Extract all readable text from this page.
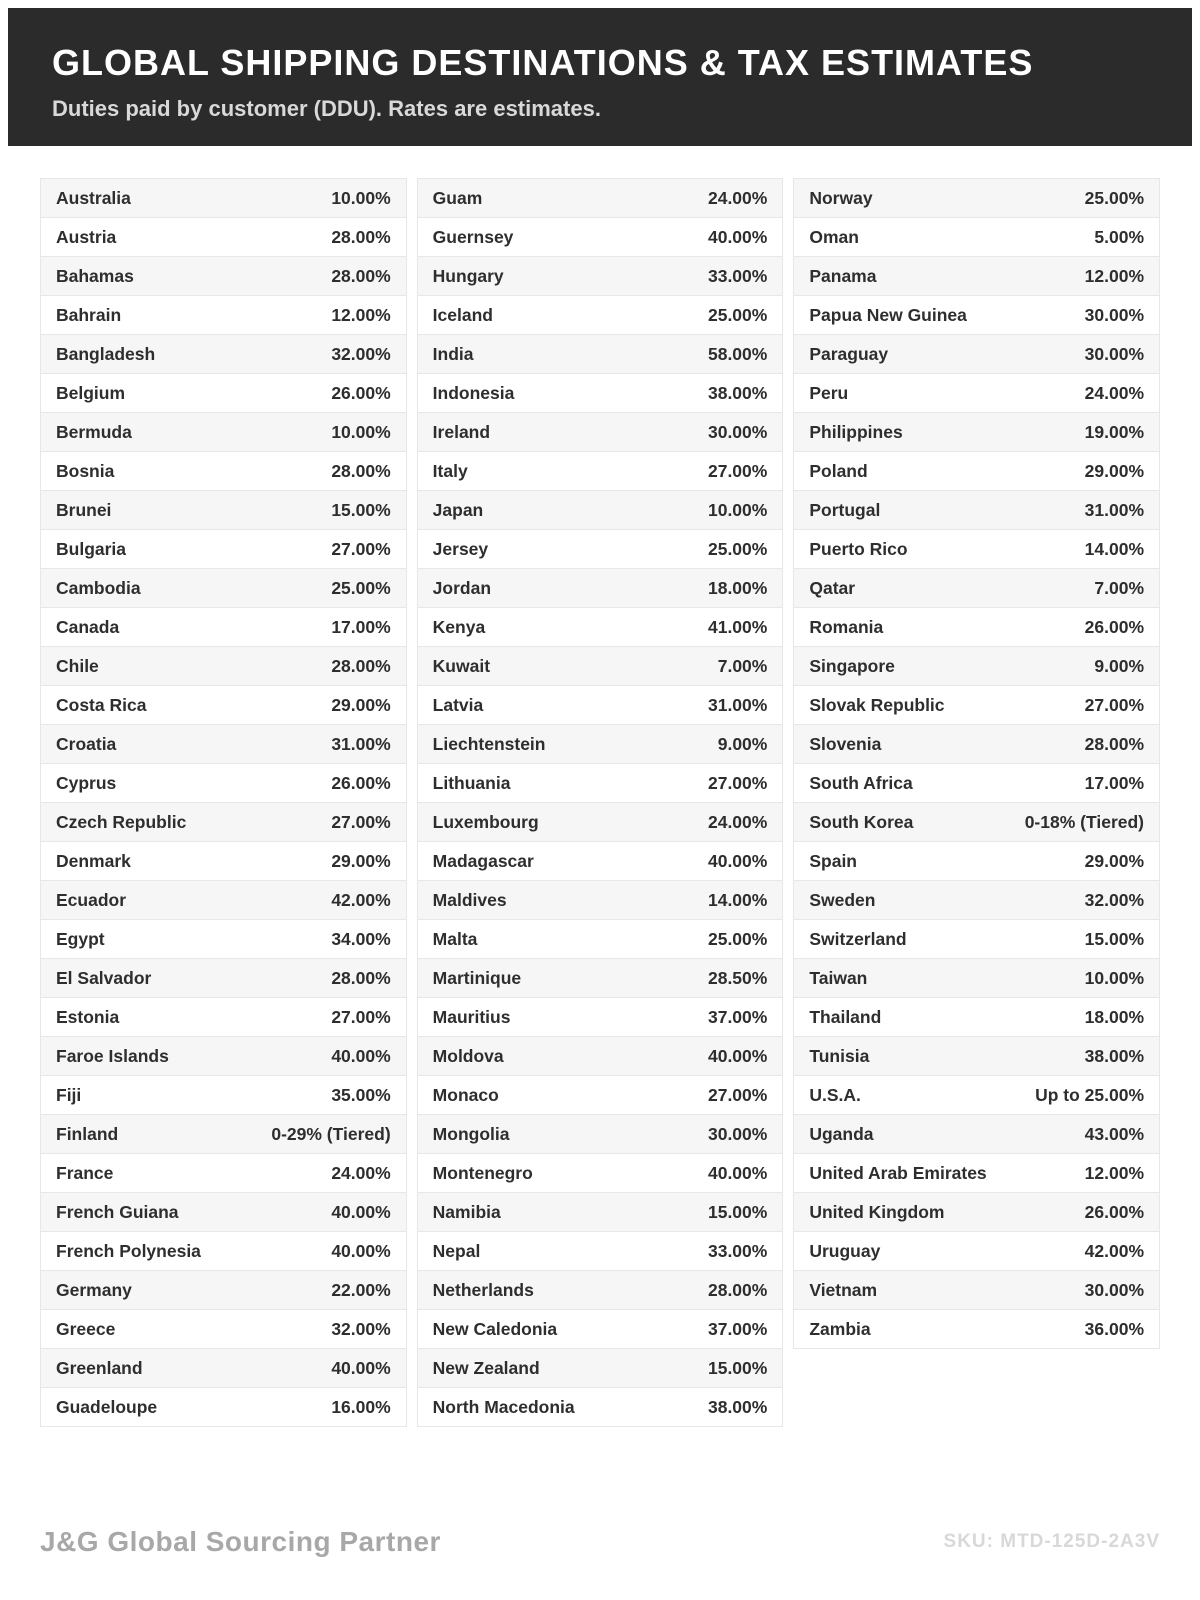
GLOBAL SHIPPING DESTINATIONS & TAX ESTIMATES
Duties paid by customer (DDU). Rates are estimates.
Australia	10.00%
Austria	28.00%
Bahamas	28.00%
Bahrain	12.00%
Bangladesh	32.00%
Belgium	26.00%
Bermuda	10.00%
Bosnia	28.00%
Brunei	15.00%
Bulgaria	27.00%
Cambodia	25.00%
Canada	17.00%
Chile	28.00%
Costa Rica	29.00%
Croatia	31.00%
Cyprus	26.00%
Czech Republic	27.00%
Denmark	29.00%
Ecuador	42.00%
Egypt	34.00%
El Salvador	28.00%
Estonia	27.00%
Faroe Islands	40.00%
Fiji	35.00%
Finland	0-29% (Tiered)
France	24.00%
French Guiana	40.00%
French Polynesia	40.00%
Germany	22.00%
Greece	32.00%
Greenland	40.00%
Guadeloupe	16.00%
Guam	24.00%
Guernsey	40.00%
Hungary	33.00%
Iceland	25.00%
India	58.00%
Indonesia	38.00%
Ireland	30.00%
Italy	27.00%
Japan	10.00%
Jersey	25.00%
Jordan	18.00%
Kenya	41.00%
Kuwait	7.00%
Latvia	31.00%
Liechtenstein	9.00%
Lithuania	27.00%
Luxembourg	24.00%
Madagascar	40.00%
Maldives	14.00%
Malta	25.00%
Martinique	28.50%
Mauritius	37.00%
Moldova	40.00%
Monaco	27.00%
Mongolia	30.00%
Montenegro	40.00%
Namibia	15.00%
Nepal	33.00%
Netherlands	28.00%
New Caledonia	37.00%
New Zealand	15.00%
North Macedonia	38.00%
Norway	25.00%
Oman	5.00%
Panama	12.00%
Papua New Guinea	30.00%
Paraguay	30.00%
Peru	24.00%
Philippines	19.00%
Poland	29.00%
Portugal	31.00%
Puerto Rico	14.00%
Qatar	7.00%
Romania	26.00%
Singapore	9.00%
Slovak Republic	27.00%
Slovenia	28.00%
South Africa	17.00%
South Korea	0-18% (Tiered)
Spain	29.00%
Sweden	32.00%
Switzerland	15.00%
Taiwan	10.00%
Thailand	18.00%
Tunisia	38.00%
U.S.A.	Up to 25.00%
Uganda	43.00%
United Arab Emirates	12.00%
United Kingdom	26.00%
Uruguay	42.00%
Vietnam	30.00%
Zambia	36.00%
J&G Global Sourcing Partner	SKU: MTD-125D-2A3V
